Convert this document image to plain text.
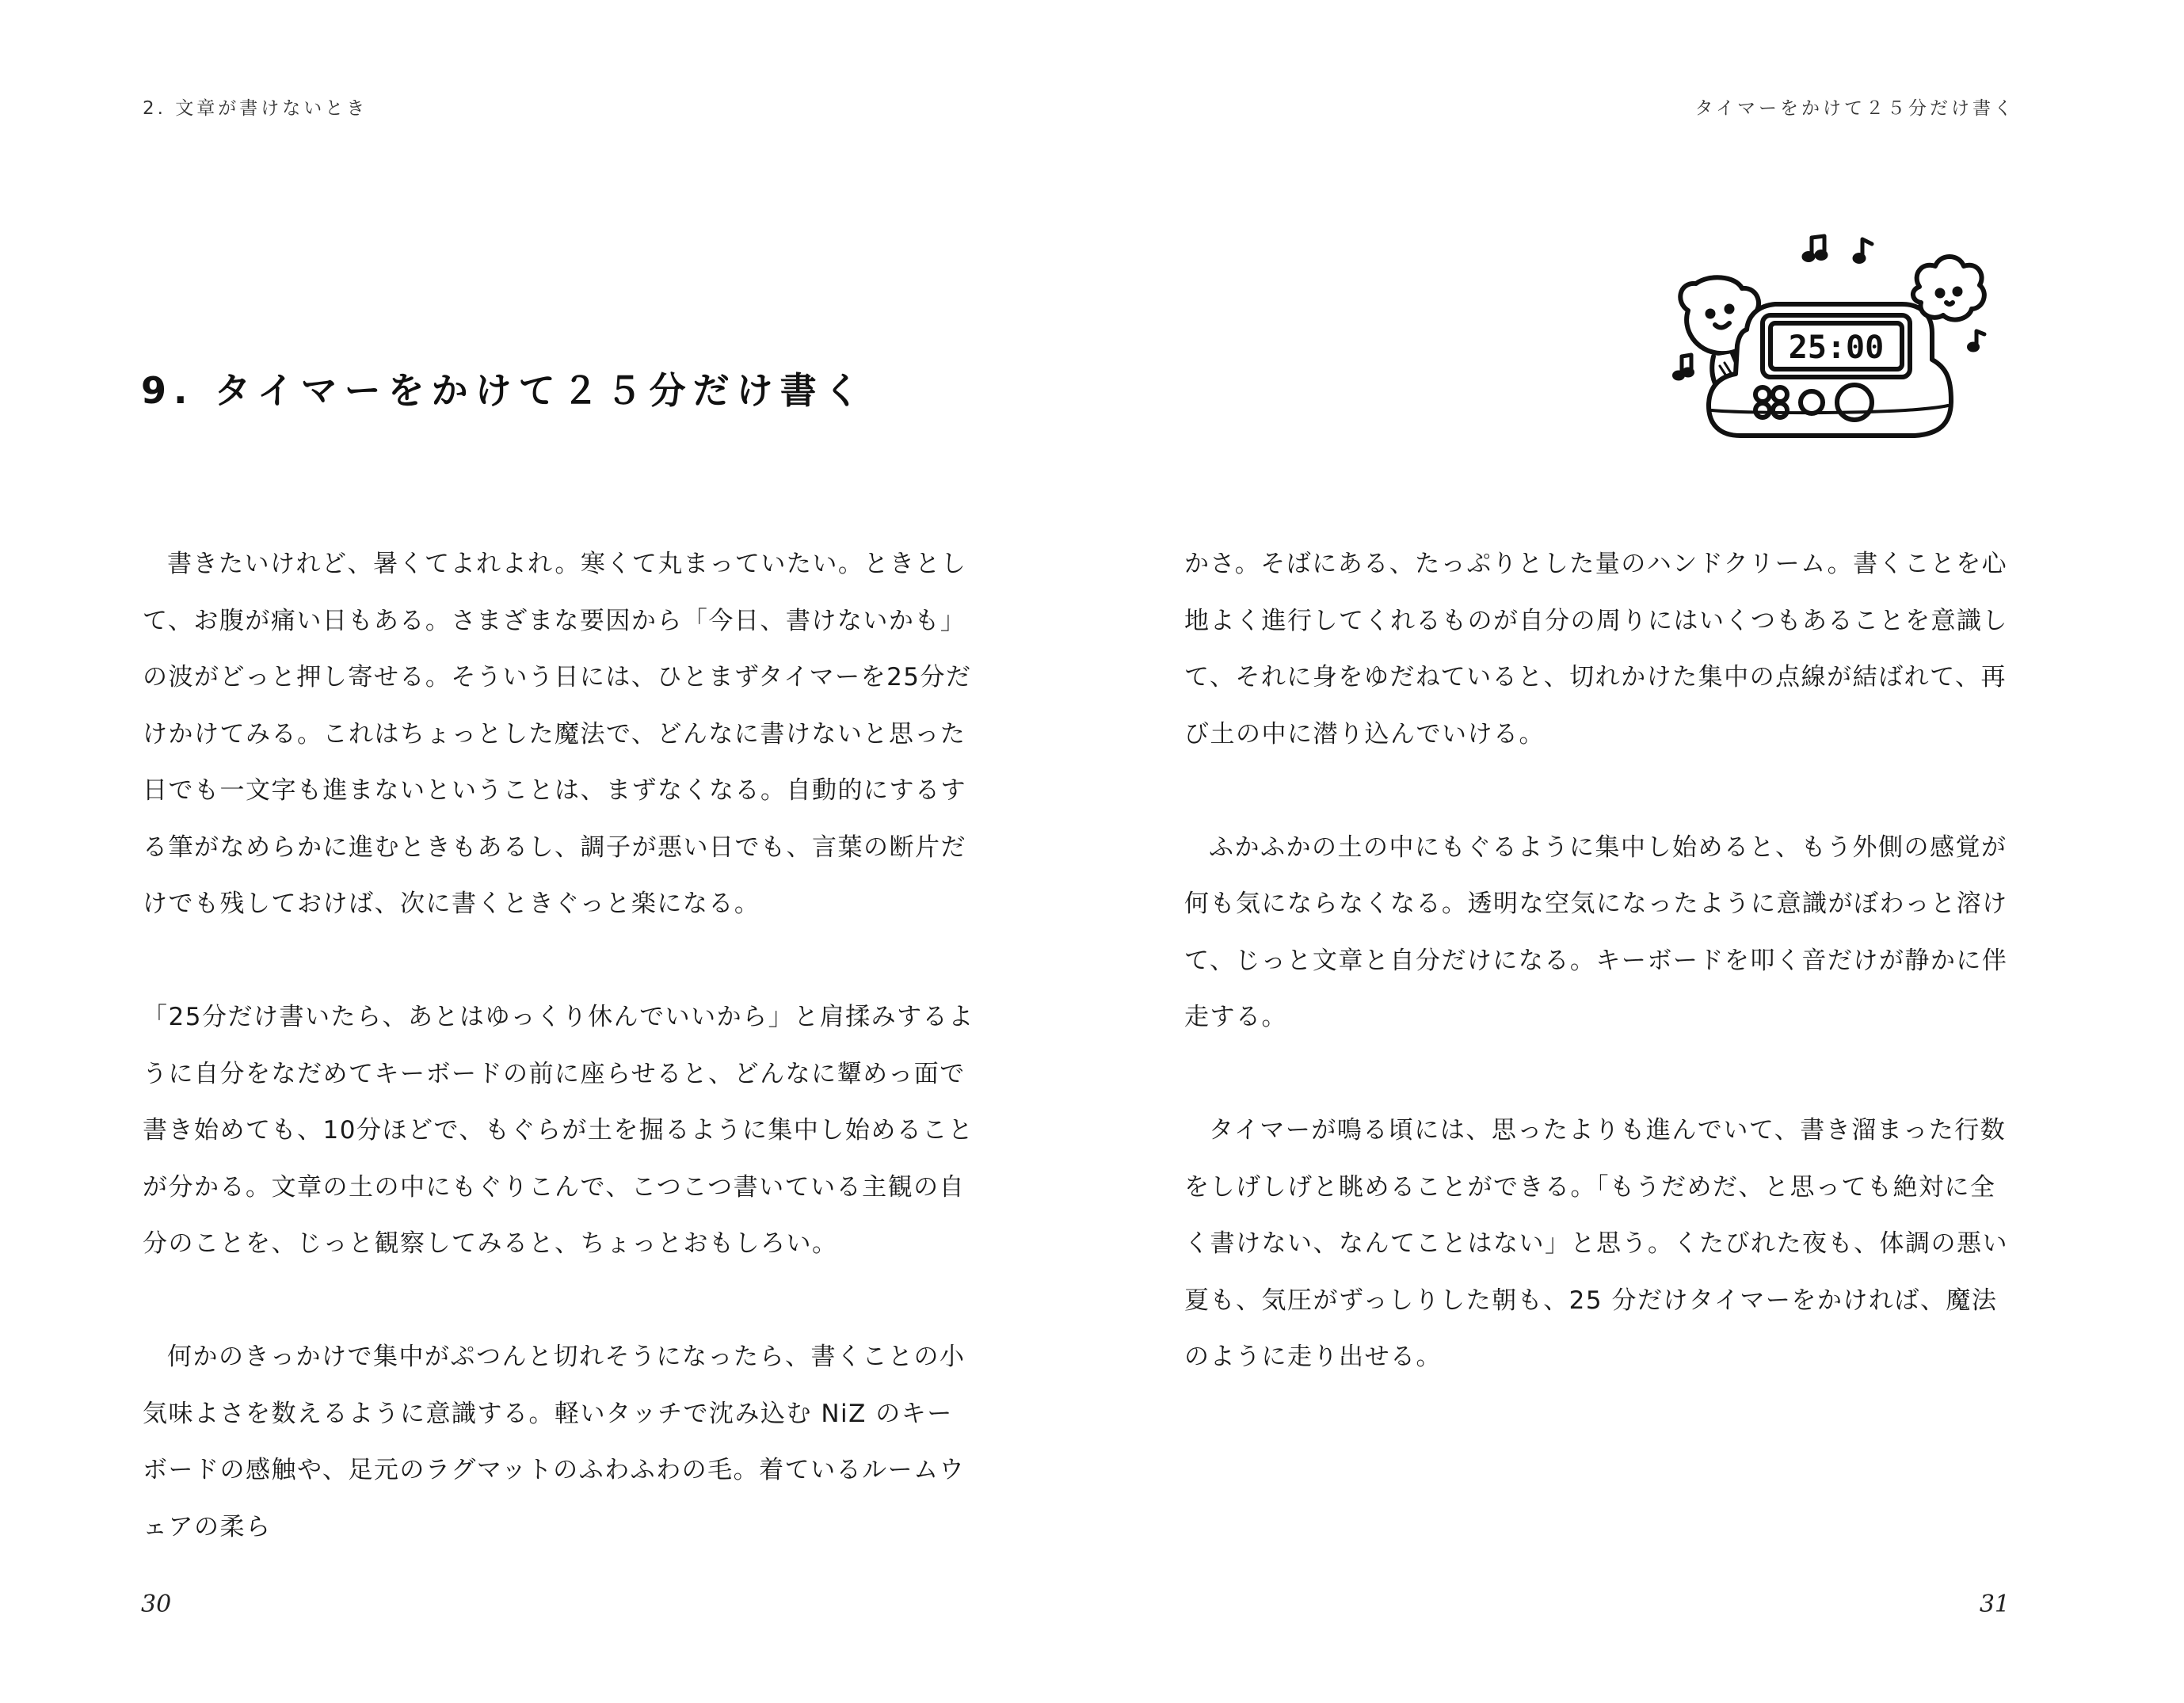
2. 文章が書けないとき
9. タイマーをかけて２５分だけ書く

書きたいけれど、暑くてよれよれ。寒くて丸まっていたい。ときとして、お腹が痛い日もある。さまざまな要因から「今日、書けないかも」の波がどっと押し寄せる。そういう日には、ひとまずタイマーを25分だけかけてみる。これはちょっとした魔法で、どんなに書けないと思った日でも一文字も進まないということは、まずなくなる。自動的にするする筆がなめらかに進むときもあるし、調子が悪い日でも、言葉の断片だけでも残しておけば、次に書くときぐっと楽になる。

「25分だけ書いたら、あとはゆっくり休んでいいから」と肩揉みするように自分をなだめてキーボードの前に座らせると、どんなに顰めっ面で書き始めても、10分ほどで、もぐらが土を掘るように集中し始めることが分かる。文章の土の中にもぐりこんで、こつこつ書いている主観の自分のことを、じっと観察してみると、ちょっとおもしろい。

何かのきっかけで集中がぷつんと切れそうになったら、書くことの小気味よさを数えるように意識する。軽いタッチで沈み込む NiZ のキーボードの感触や、足元のラグマットのふわふわの毛。着ているルームウェアの柔ら

30
タイマーをかけて２５分だけ書く
25:00

かさ。そばにある、たっぷりとした量のハンドクリーム。書くことを心地よく進行してくれるものが自分の周りにはいくつもあることを意識して、それに身をゆだねていると、切れかけた集中の点線が結ばれて、再び土の中に潜り込んでいける。

ふかふかの土の中にもぐるように集中し始めると、もう外側の感覚が何も気にならなくなる。透明な空気になったように意識がぼわっと溶けて、じっと文章と自分だけになる。キーボードを叩く音だけが静かに伴走する。

タイマーが鳴る頃には、思ったよりも進んでいて、書き溜まった行数をしげしげと眺めることができる。「もうだめだ、と思っても絶対に全く書けない、なんてことはない」と思う。くたびれた夜も、体調の悪い夏も、気圧がずっしりした朝も、25 分だけタイマーをかければ、魔法のように走り出せる。

31
